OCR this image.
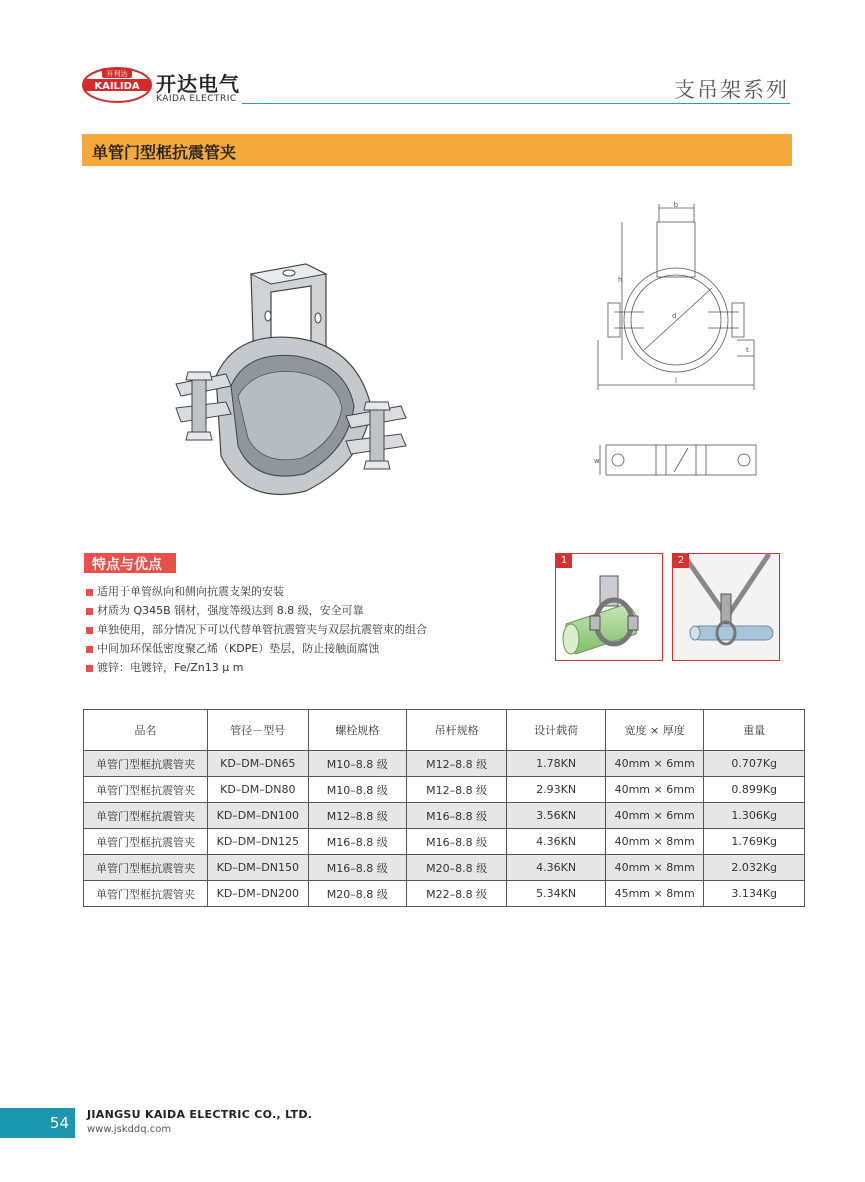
开利达
KAILIDA 开达电气
KAIDA ELECTRIC	支吊架系列
单管门型框抗震管夹
b
h
d
t
l
w
特点与优点
适用于单管纵向和侧向抗震支架的安装
材质为 Q345B 钢材，强度等级达到 8.8 级，安全可靠
单独使用，部分情况下可以代替单管抗震管夹与双层抗震管束的组合
中间加环保低密度聚乙烯（KDPE）垫层，防止接触面腐蚀
镀锌：电镀锌，Fe/Zn13 μ m
1	2
品名	管径－型号	螺栓规格	吊杆规格	设计载荷	宽度 × 厚度	重量
单管门型框抗震管夹	KD–DM–DN65	M10–8.8 级	M12–8.8 级	1.78KN	40mm × 6mm	0.707Kg
单管门型框抗震管夹	KD–DM–DN80	M10–8.8 级	M12–8.8 级	2.93KN	40mm × 6mm	0.899Kg
单管门型框抗震管夹	KD–DM–DN100	M12–8.8 级	M16–8.8 级	3.56KN	40mm × 6mm	1.306Kg
单管门型框抗震管夹	KD–DM–DN125	M16–8.8 级	M16–8.8 级	4.36KN	40mm × 8mm	1.769Kg
单管门型框抗震管夹	KD–DM–DN150	M16–8.8 级	M20–8.8 级	4.36KN	40mm × 8mm	2.032Kg
单管门型框抗震管夹	KD–DM–DN200	M20–8.8 级	M22–8.8 级	5.34KN	45mm × 8mm	3.134Kg
54 JIANGSU KAIDA ELECTRIC CO., LTD.
www.jskddq.com
